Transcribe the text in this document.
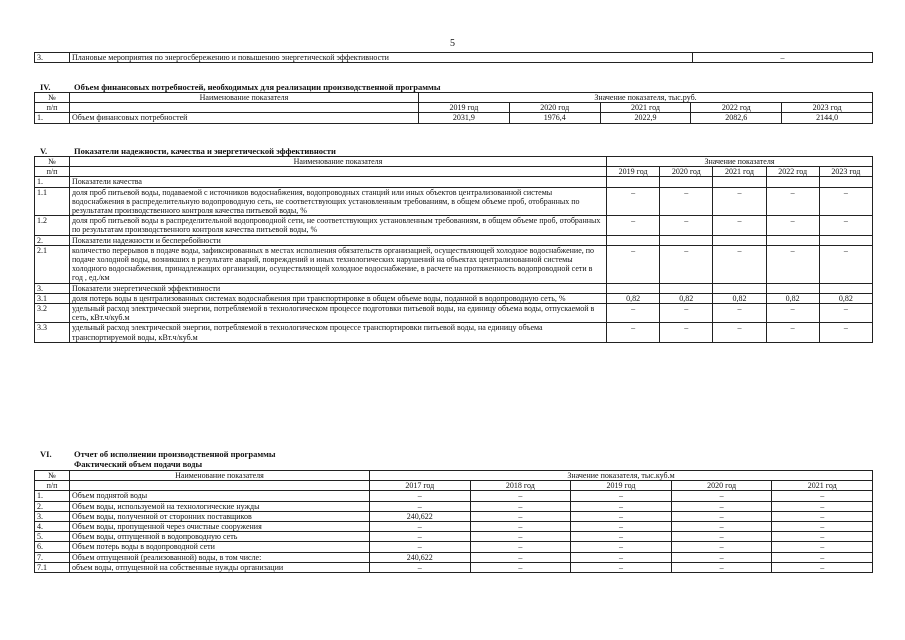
5
3.	Плановые мероприятия по энергосбережению и повышению энергетической эффективности	–
IV.	Объем финансовых потребностей, необходимых для реализации производственной программы
№	Наименование показателя	Значение показателя, тыс.руб.				
п/п		2019 год	2020 год	2021 год	2022 год	2023 год
1.	Объем финансовых потребностей	2031,9	1976,4	2022,9	2082,6	2144,0
V.	Показатели надежности, качества и энергетической эффективности
№	Наименование показателя	Значение показателя				
п/п		2019 год	2020 год	2021 год	2022 год	2023 год
1.	Показатели качества					
1.1	доля проб питьевой воды, подаваемой с источников водоснабжения, водопроводных станций или иных объектов централизованной системы водоснабжения в распределительную водопроводную сеть, не соответствующих установленным требованиям, в общем объеме проб, отобранных по результатам производственного контроля качества питьевой воды, %	–	–	–	–	–
1.2	доля проб питьевой воды в распределительной водопроводной сети, не соответствующих установленным требованиям, в общем объеме проб, отобранных по результатам производственного контроля качества питьевой воды, %	–	–	–	–	–
2.	Показатели надежности и бесперебойности					
2.1	количество перерывов в подаче воды, зафиксированных в местах исполнения обязательств организацией, осуществляющей холодное водоснабжение, по подаче холодной воды, возникших в результате аварий, повреждений и иных технологических нарушений на объектах централизованной системы холодного водоснабжения, принадлежащих организации, осуществляющей холодное водоснабжение, в расчете на протяженность водопроводной сети в год , ед./км	–	–	–	–	–
3.	Показатели энергетической эффективности					
3.1	доля потерь воды в централизованных системах водоснабжения при транспортировке в общем объеме воды, поданной в водопроводную сеть, %	0,82	0,82	0,82	0,82	0,82
3.2	удельный расход электрической энергии, потребляемой в технологическом процессе подготовки питьевой воды, на единицу объема воды, отпускаемой в сеть, кВт.ч/куб.м	–	–	–	–	–
3.3	удельный расход электрической энергии, потребляемой в технологическом процессе транспортировки питьевой воды, на единицу объема транспортируемой воды, кВт.ч/куб.м	–	–	–	–	–
VI.	Отчет об исполнении производственной программы
Фактический объем подачи воды
№	Наименование показателя	Значение показателя, тыс.куб.м				
п/п		2017 год	2018 год	2019 год	2020 год	2021 год
1.	Объем поднятой воды	–	–	–	–	–
2.	Объем воды, используемой на технологические нужды	–	–	–	–	–
3.	Объем воды, полученной от сторонних поставщиков	240,622	–	–	–	–
4.	Объем воды, пропущенной через очистные сооружения	–	–	–	–	–
5.	Объем воды, отпущенной в водопроводную сеть	–	–	–	–	–
6.	Объем потерь воды в водопроводной сети	–	–	–	–	–
7.	Объем отпущенной (реализованной) воды, в том числе:	240,622	–	–	–	–
7.1	объем воды, отпущенной на собственные нужды организации	–	–	–	–	–
